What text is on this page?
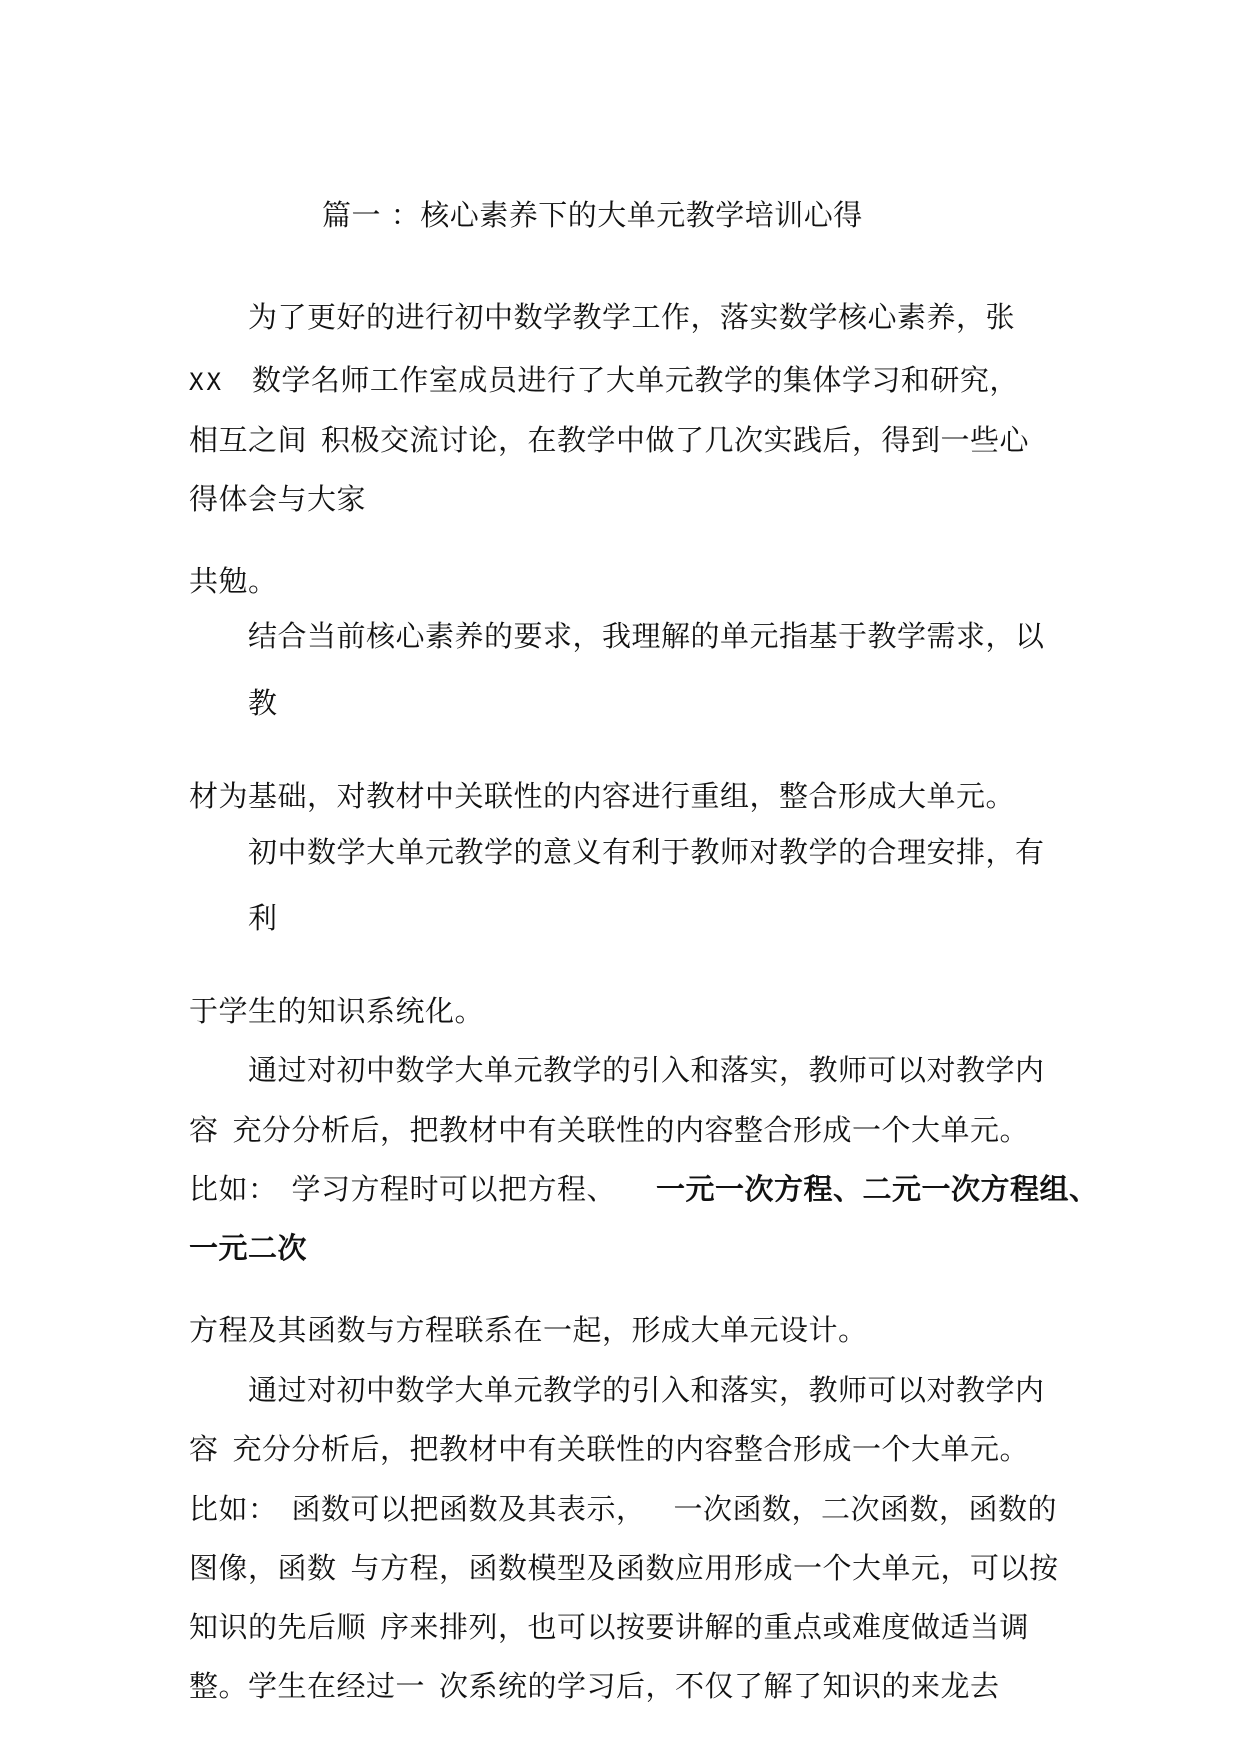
篇一 ：核心素养下的大单元教学培训心得
为了更好的进行初中数学教学工作，落实数学核心素养，张
XX 数学名师工作室成员进行了大单元教学的集体学习和研究，
相互之间 积极交流讨论，在教学中做了几次实践后，得到一些心
得体会与大家
共勉。
结合当前核心素养的要求，我理解的单元指基于教学需求，以
教
材为基础，对教材中关联性的内容进行重组，整合形成大单元。
初中数学大单元教学的意义有利于教师对教学的合理安排，有
利
于学生的知识系统化。
通过对初中数学大单元教学的引入和落实，教师可以对教学内
容 充分分析后，把教材中有关联性的内容整合形成一个大单元。
比如： 学习方程时可以把方程、 一元一次方程、二元一次方程组、
一元二次
方程及其函数与方程联系在一起，形成大单元设计。
通过对初中数学大单元教学的引入和落实，教师可以对教学内
容 充分分析后，把教材中有关联性的内容整合形成一个大单元。
比如： 函数可以把函数及其表示， 一次函数，二次函数，函数的
图像，函数 与方程，函数模型及函数应用形成一个大单元，可以按
知识的先后顺 序来排列，也可以按要讲解的重点或难度做适当调
整。学生在经过一 次系统的学习后，不仅了解了知识的来龙去
